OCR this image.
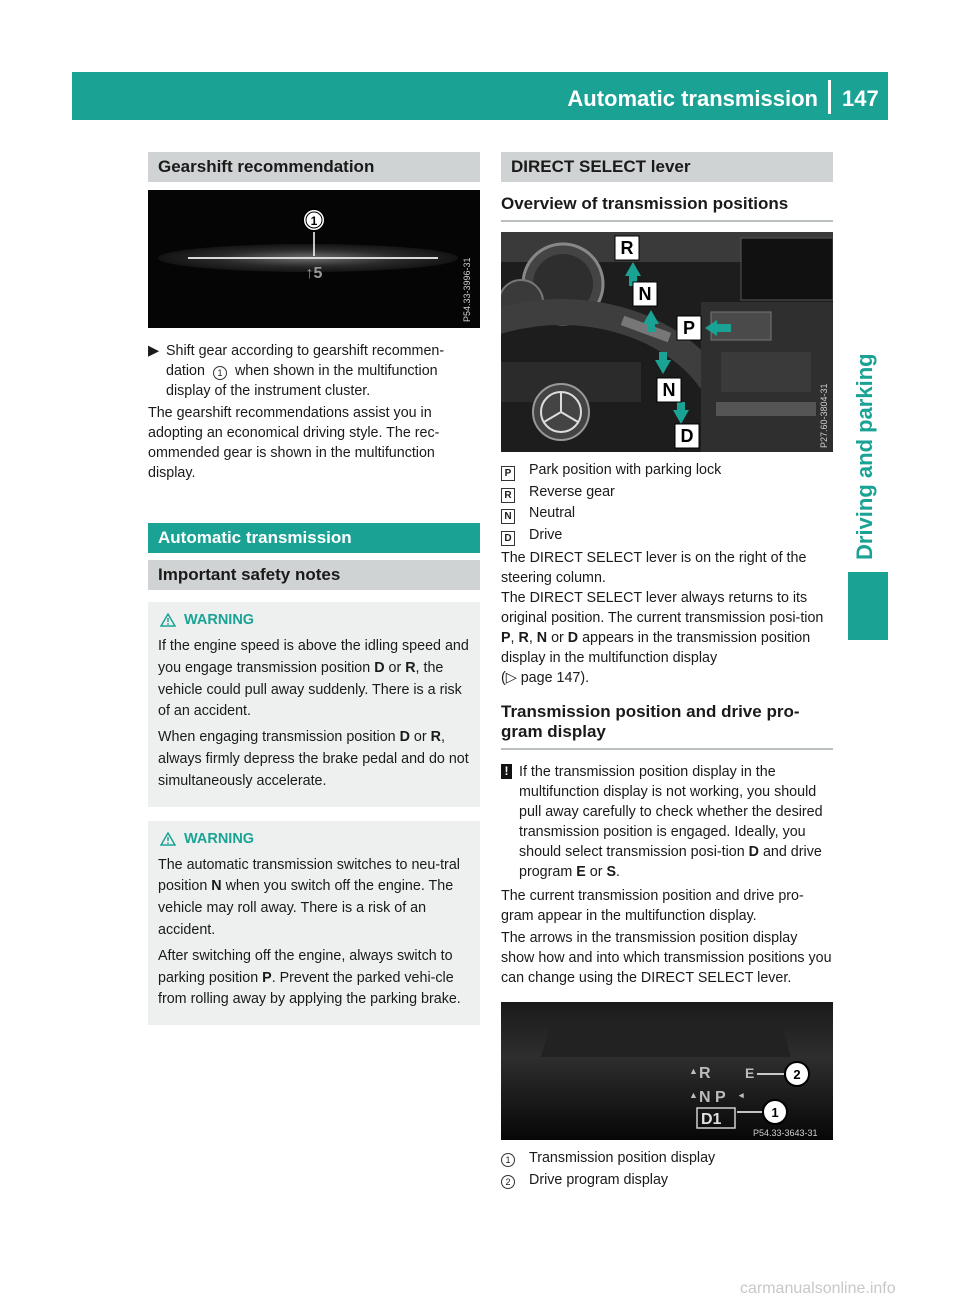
Automatic transmission 147
Driving and parking
Gearshift recommendation
1
↑5	P54.33-3996-31
▶ Shift gear according to gearshift recommen-dation 1 when shown in the multifunction display of the instrument cluster.
The gearshift recommendations assist you in adopting an economical driving style. The rec-ommended gear is shown in the multifunction display.
Automatic transmission
Important safety notes
WARNING
If the engine speed is above the idling speed and you engage transmission position D or R, the vehicle could pull away suddenly. There is a risk of an accident.
When engaging transmission position D or R, always firmly depress the brake pedal and do not simultaneously accelerate.
WARNING
The automatic transmission switches to neu-tral position N when you switch off the engine. The vehicle may roll away. There is a risk of an accident.
After switching off the engine, always switch to parking position P. Prevent the parked vehi-cle from rolling away by applying the parking brake.
DIRECT SELECT lever
Overview of transmission positions
R
N
P
N
D	P27.60-3804-31
P Park position with parking lock
R Reverse gear
N Neutral
D Drive
The DIRECT SELECT lever is on the right of the steering column.
The DIRECT SELECT lever always returns to its original position. The current transmission posi-tion P, R, N or D appears in the transmission position display in the multifunction display
(▷ page 147).
Transmission position and drive pro-gram display
! If the transmission position display in the multifunction display is not working, you should pull away carefully to check whether the desired transmission position is engaged. Ideally, you should select transmission posi-tion D and drive program E or S.
The current transmission position and drive pro-gram appear in the multifunction display.
The arrows in the transmission position display show how and into which transmission positions you can change using the DIRECT SELECT lever.
▲ R E
▲ N P ◂
D1
2
1
P54.33-3643-31
1 Transmission position display
2 Drive program display
carmanualsonline.info
